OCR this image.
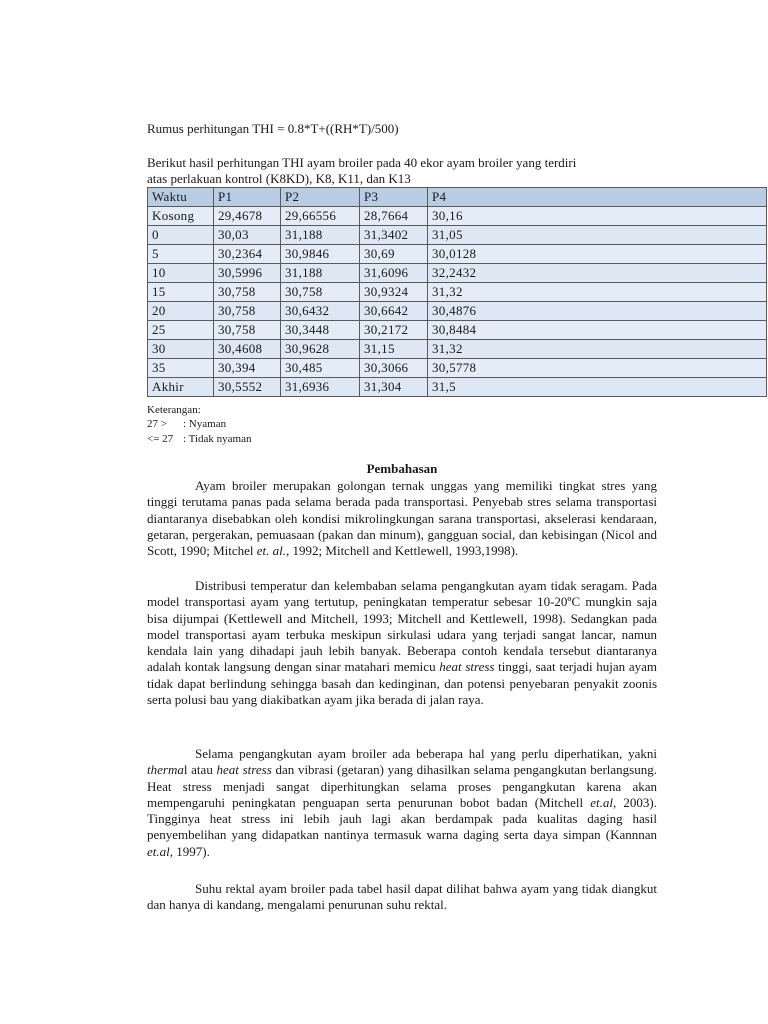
Rumus perhitungan THI = 0.8*T+((RH*T)/500)
Berikut hasil perhitungan THI ayam broiler pada 40 ekor ayam broiler yang terdiri
atas perlakuan kontrol (K8KD), K8, K11, dan K13
Waktu	P1	P2	P3	P4
Kosong	29,4678	29,66556	28,7664	30,16
0	30,03	31,188	31,3402	31,05
5	30,2364	30,9846	30,69	30,0128
10	30,5996	31,188	31,6096	32,2432
15	30,758	30,758	30,9324	31,32
20	30,758	30,6432	30,6642	30,4876
25	30,758	30,3448	30,2172	30,8484
30	30,4608	30,9628	31,15	31,32
35	30,394	30,485	30,3066	30,5778
Akhir	30,5552	31,6936	31,304	31,5
Keterangan:
27 > : Nyaman
<= 27 : Tidak nyaman
Pembahasan

Ayam broiler merupakan golongan ternak unggas yang memiliki tingkat stres yang tinggi terutama panas pada selama berada pada transportasi. Penyebab stres selama transportasi diantaranya disebabkan oleh kondisi mikrolingkungan sarana transportasi, akselerasi kendaraan, getaran, pergerakan, pemuasaan (pakan dan minum), gangguan social, dan kebisingan (Nicol and Scott, 1990; Mitchel et. al., 1992; Mitchell and Kettlewell, 1993,1998).

Distribusi temperatur dan kelembaban selama pengangkutan ayam tidak seragam. Pada model transportasi ayam yang tertutup, peningkatan temperatur sebesar 10-20ºC mungkin saja bisa dijumpai (Kettlewell and Mitchell, 1993; Mitchell and Kettlewell, 1998). Sedangkan pada model transportasi ayam terbuka meskipun sirkulasi udara yang terjadi sangat lancar, namun kendala lain yang dihadapi jauh lebih banyak. Beberapa contoh kendala tersebut diantaranya adalah kontak langsung dengan sinar matahari memicu heat stress tinggi, saat terjadi hujan ayam tidak dapat berlindung sehingga basah dan kedinginan, dan potensi penyebaran penyakit zoonis serta polusi bau yang diakibatkan ayam jika berada di jalan raya.

Selama pengangkutan ayam broiler ada beberapa hal yang perlu diperhatikan, yakni thermal atau heat stress dan vibrasi (getaran) yang dihasilkan selama pengangkutan berlangsung. Heat stress menjadi sangat diperhitungkan selama proses pengangkutan karena akan mempengaruhi peningkatan penguapan serta penurunan bobot badan (Mitchell et.al, 2003). Tingginya heat stress ini lebih jauh lagi akan berdampak pada kualitas daging hasil penyembelihan yang didapatkan nantinya termasuk warna daging serta daya simpan (Kannnan et.al, 1997).

Suhu rektal ayam broiler pada tabel hasil dapat dilihat bahwa ayam yang tidak diangkut dan hanya di kandang, mengalami penurunan suhu rektal.
